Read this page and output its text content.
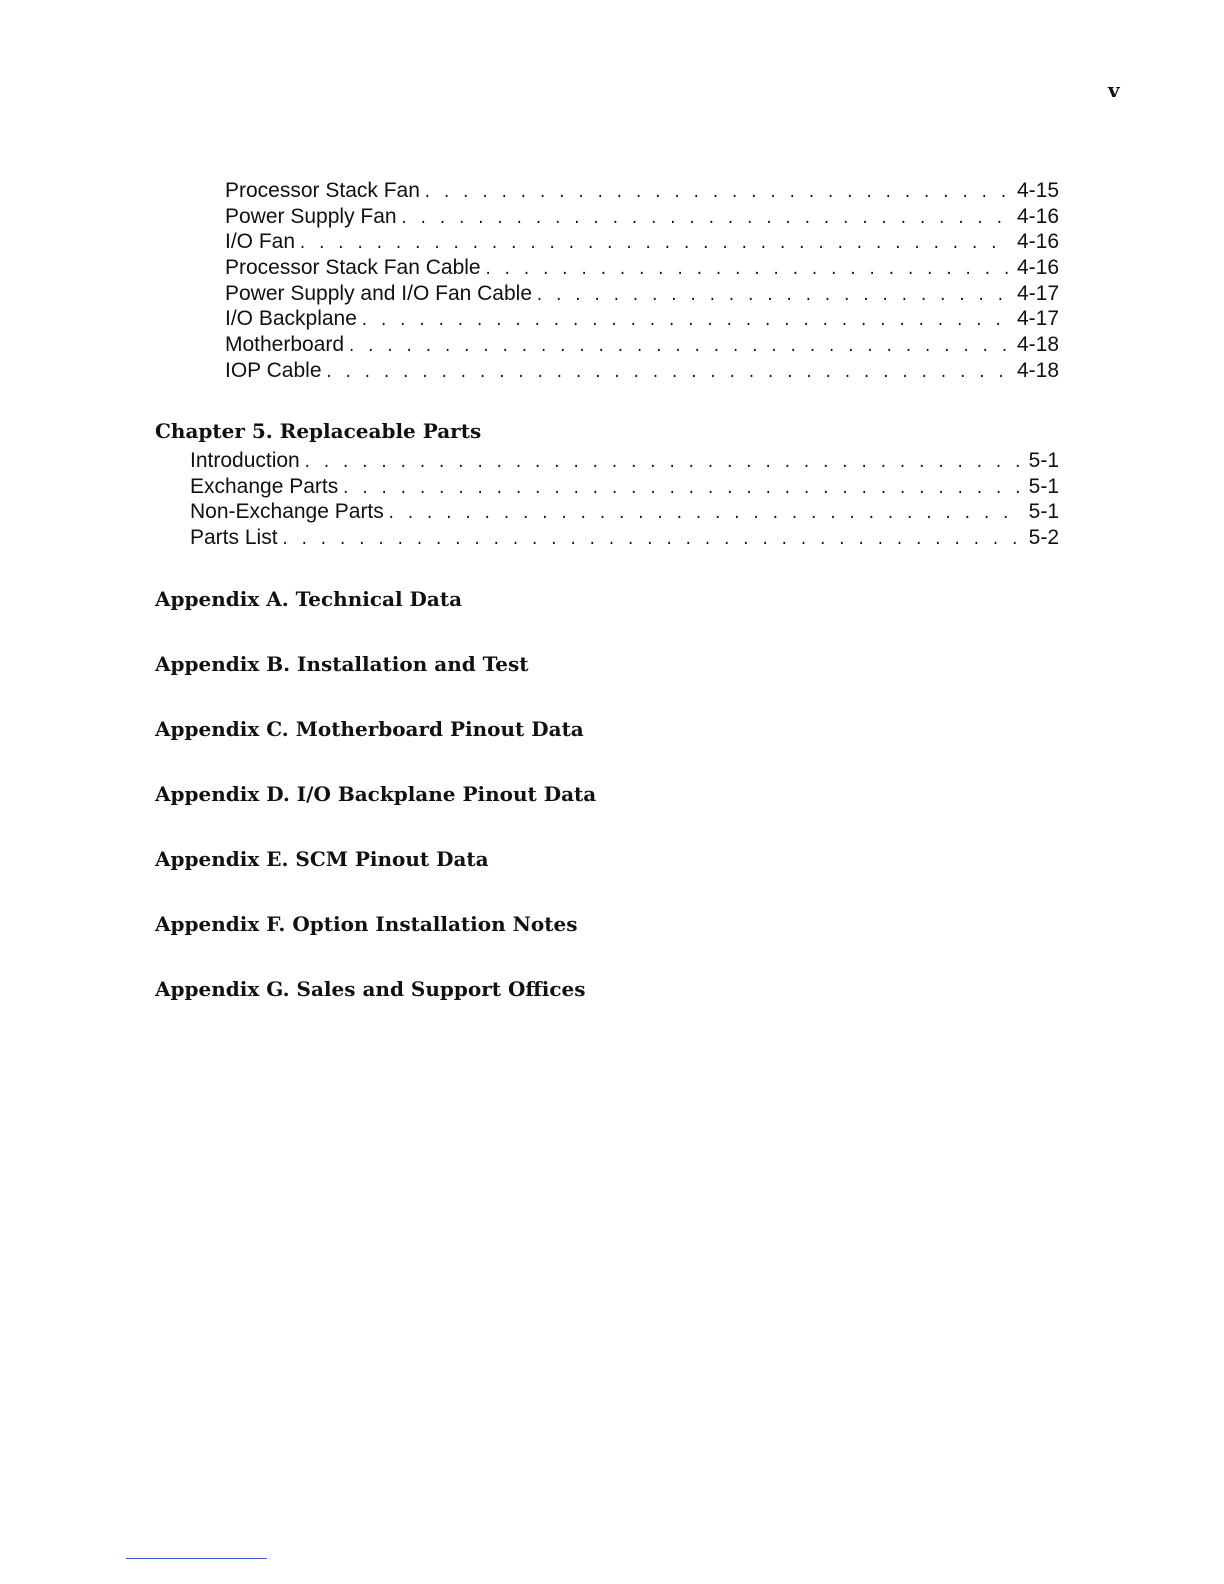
v
Processor Stack Fan . . .	4-15
Power Supply Fan . . .	4-16
I/O Fan . . .	4-16
Processor Stack Fan Cable . . .	4-16
Power Supply and I/O Fan Cable . . .	4-17
I/O Backplane . . .	4-17
Motherboard . . .	4-18
IOP Cable . . .	4-18
Chapter 5. Replaceable Parts
Introduction . . .	5-1
Exchange Parts . . .	5-1
Non-Exchange Parts . . .	5-1
Parts List . . .	5-2
Appendix A. Technical Data
Appendix B. Installation and Test
Appendix C. Motherboard Pinout Data
Appendix D. I/O Backplane Pinout Data
Appendix E. SCM Pinout Data
Appendix F. Option Installation Notes
Appendix G. Sales and Support Offices
